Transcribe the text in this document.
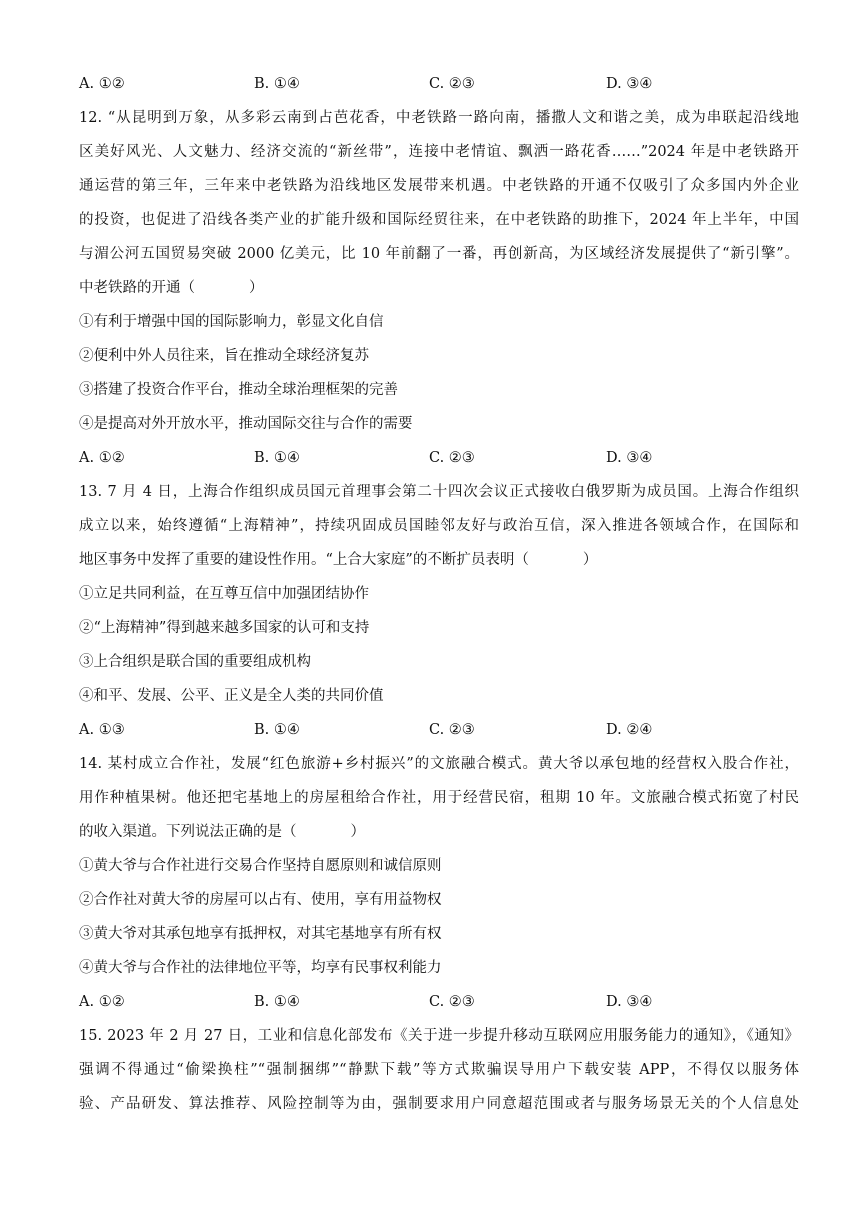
A. ①②	B. ①④	C. ②③	D. ③④
12. “从昆明到万象，从多彩云南到占芭花香，中老铁路一路向南，播撒人文和谐之美，成为串联起沿线地
区美好风光、人文魅力、经济交流的“新丝带”，连接中老情谊、飘洒一路花香……”2024 年是中老铁路开
通运营的第三年，三年来中老铁路为沿线地区发展带来机遇。中老铁路的开通不仅吸引了众多国内外企业
的投资，也促进了沿线各类产业的扩能升级和国际经贸往来，在中老铁路的助推下，2024 年上半年，中国
与湄公河五国贸易突破 2000 亿美元，比 10 年前翻了一番，再创新高，为区域经济发展提供了“新引擎”。
中老铁路的开通（	）
①有利于增强中国的国际影响力，彰显文化自信
②便利中外人员往来，旨在推动全球经济复苏
③搭建了投资合作平台，推动全球治理框架的完善
④是提高对外开放水平，推动国际交往与合作的需要
A. ①②	B. ①④	C. ②③	D. ③④
13. 7 月 4 日，上海合作组织成员国元首理事会第二十四次会议正式接收白俄罗斯为成员国。上海合作组织
成立以来，始终遵循“上海精神”，持续巩固成员国睦邻友好与政治互信，深入推进各领域合作，在国际和
地区事务中发挥了重要的建设性作用。“上合大家庭”的不断扩员表明（	）
①立足共同利益，在互尊互信中加强团结协作
②“上海精神”得到越来越多国家的认可和支持
③上合组织是联合国的重要组成机构
④和平、发展、公平、正义是全人类的共同价值
A. ①③	B. ①④	C. ②③	D. ②④
14. 某村成立合作社，发展“红色旅游+乡村振兴”的文旅融合模式。黄大爷以承包地的经营权入股合作社，
用作种植果树。他还把宅基地上的房屋租给合作社，用于经营民宿，租期 10 年。文旅融合模式拓宽了村民
的收入渠道。下列说法正确的是（	）
①黄大爷与合作社进行交易合作坚持自愿原则和诚信原则
②合作社对黄大爷的房屋可以占有、使用，享有用益物权
③黄大爷对其承包地享有抵押权，对其宅基地享有所有权
④黄大爷与合作社的法律地位平等，均享有民事权利能力
A. ①②	B. ①④	C. ②③	D. ③④
15. 2023 年 2 月 27 日，工业和信息化部发布《关于进一步提升移动互联网应用服务能力的通知》，《通知》
强调不得通过“偷梁换柱”“强制捆绑”“静默下载”等方式欺骗误导用户下载安装 APP，不得仅以服务体
验、产品研发、算法推荐、风险控制等为由，强制要求用户同意超范围或者与服务场景无关的个人信息处
